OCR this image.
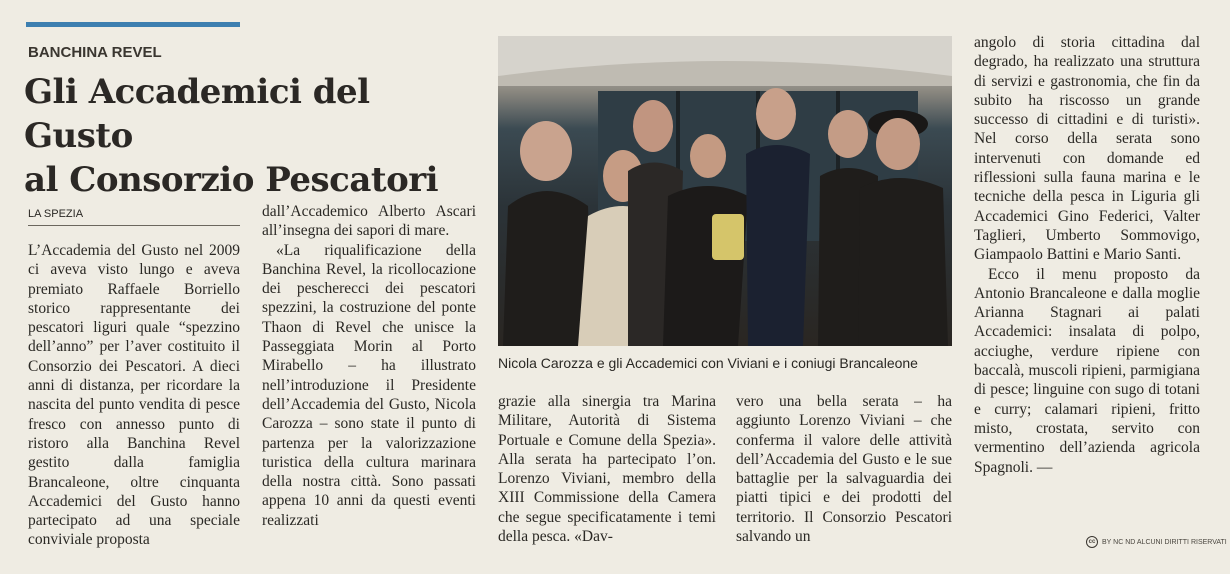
BANCHINA REVEL
Gli Accademici del Gusto
al Consorzio Pescatori
LA SPEZIA

L’Accademia del Gusto nel 2009 ci aveva visto lungo e aveva premiato Raffaele Borriello storico rappresentante dei pescatori liguri quale “spezzino dell’anno” per l’aver costituito il Consorzio dei Pescatori. A dieci anni di distanza, per ricordare la nascita del punto vendita di pesce fresco con annesso punto di ristoro alla Banchina Revel gestito dalla famiglia Brancaleone, oltre cinquanta Accademici del Gusto hanno partecipato ad una speciale conviviale proposta

dall’Accademico Alberto Ascari all’insegna dei sapori di mare.

«La riqualificazione della Banchina Revel, la ricollocazione dei pescherecci dei pescatori spezzini, la costruzione del ponte Thaon di Revel che unisce la Passeggiata Morin al Porto Mirabello – ha illustrato nell’introduzione il Presidente dell’Accademia del Gusto, Nicola Carozza – sono state il punto di partenza per la valorizzazione turistica della cultura marinara della nostra città. Sono passati appena 10 anni da questi eventi realizzati

Nicola Carozza e gli Accademici con Viviani e i coniugi Brancaleone

grazie alla sinergia tra Marina Militare, Autorità di Sistema Portuale e Comune della Spezia». Alla serata ha partecipato l’on. Lorenzo Viviani, membro della XIII Commissione della Camera che segue specificatamente i temi della pesca. «Dav-

vero una bella serata – ha aggiunto Lorenzo Viviani – che conferma il valore delle attività dell’Accademia del Gusto e le sue battaglie per la salvaguardia dei piatti tipici e dei prodotti del territorio. Il Consorzio Pescatori salvando un

angolo di storia cittadina dal degrado, ha realizzato una struttura di servizi e gastronomia, che fin da subito ha riscosso un grande successo di cittadini e di turisti». Nel corso della serata sono intervenuti con domande ed riflessioni sulla fauna marina e le tecniche della pesca in Liguria gli Accademici Gino Federici, Valter Taglieri, Umberto Sommovigo, Giampaolo Battini e Mario Santi.

Ecco il menu proposto da Antonio Brancaleone e dalla moglie Arianna Stagnari ai palati Accademici: insalata di polpo, acciughe, verdure ripiene con baccalà, muscoli ripieni, parmigiana di pesce; linguine con sugo di totani e curry; calamari ripieni, fritto misto, crostata, servito con vermentino dell’azienda agricola Spagnoli. —

cc BY NC ND ALCUNI DIRITTI RISERVATI
